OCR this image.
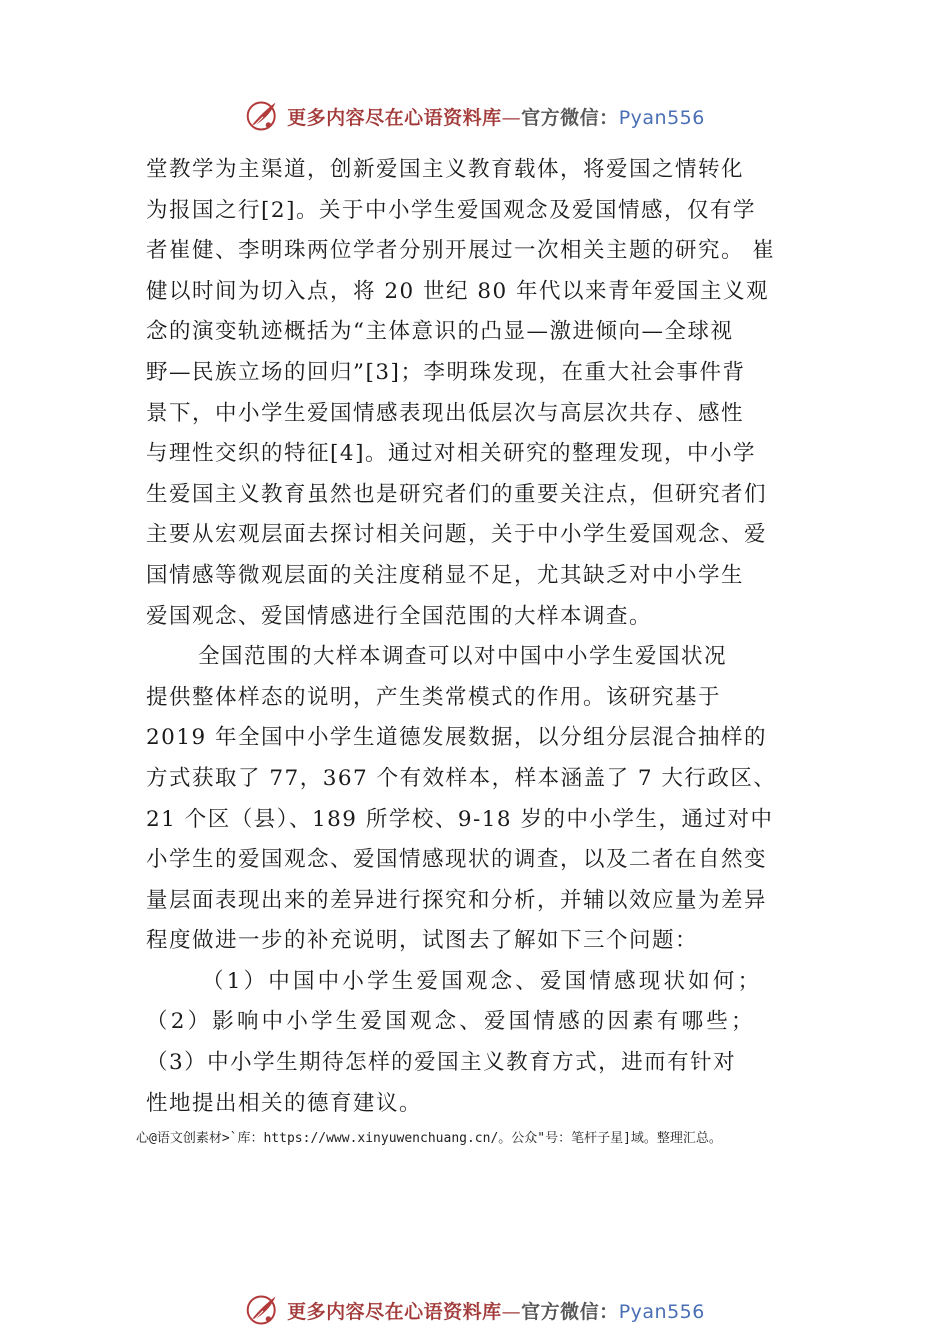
更多内容尽在心语资料库—官方微信：Pyan556
堂教学为主渠道，创新爱国主义教育载体，将爱国之情转化
为报国之行[2]。关于中小学生爱国观念及爱国情感，仅有学
者崔健、李明珠两位学者分别开展过一次相关主题的研究。 崔
健以时间为切入点，将 20 世纪 80 年代以来青年爱国主义观
念的演变轨迹概括为“主体意识的凸显—激进倾向—全球视
野—民族立场的回归”[3]；李明珠发现，在重大社会事件背
景下，中小学生爱国情感表现出低层次与高层次共存、感性
与理性交织的特征[4]。通过对相关研究的整理发现，中小学
生爱国主义教育虽然也是研究者们的重要关注点，但研究者们
主要从宏观层面去探讨相关问题，关于中小学生爱国观念、爱
国情感等微观层面的关注度稍显不足，尤其缺乏对中小学生
爱国观念、爱国情感进行全国范围的大样本调查。
全国范围的大样本调查可以对中国中小学生爱国状况
提供整体样态的说明，产生类常模式的作用。该研究基于
2019 年全国中小学生道德发展数据，以分组分层混合抽样的
方式获取了 77，367 个有效样本，样本涵盖了 7 大行政区、
21 个区（县）、189 所学校、9-18 岁的中小学生，通过对中
小学生的爱国观念、爱国情感现状的调查，以及二者在自然变
量层面表现出来的差异进行探究和分析，并辅以效应量为差异
程度做进一步的补充说明，试图去了解如下三个问题：
（1）中国中小学生爱国观念、爱国情感现状如何；
（2）影响中小学生爱国观念、爱国情感的因素有哪些；
（3）中小学生期待怎样的爱国主义教育方式，进而有针对
性地提出相关的德育建议。
心@语文创素材>`库：https://www.xinyuwenchuang.cn/。公众"号：笔杆子星]域。整理汇总。
更多内容尽在心语资料库—官方微信：Pyan556
